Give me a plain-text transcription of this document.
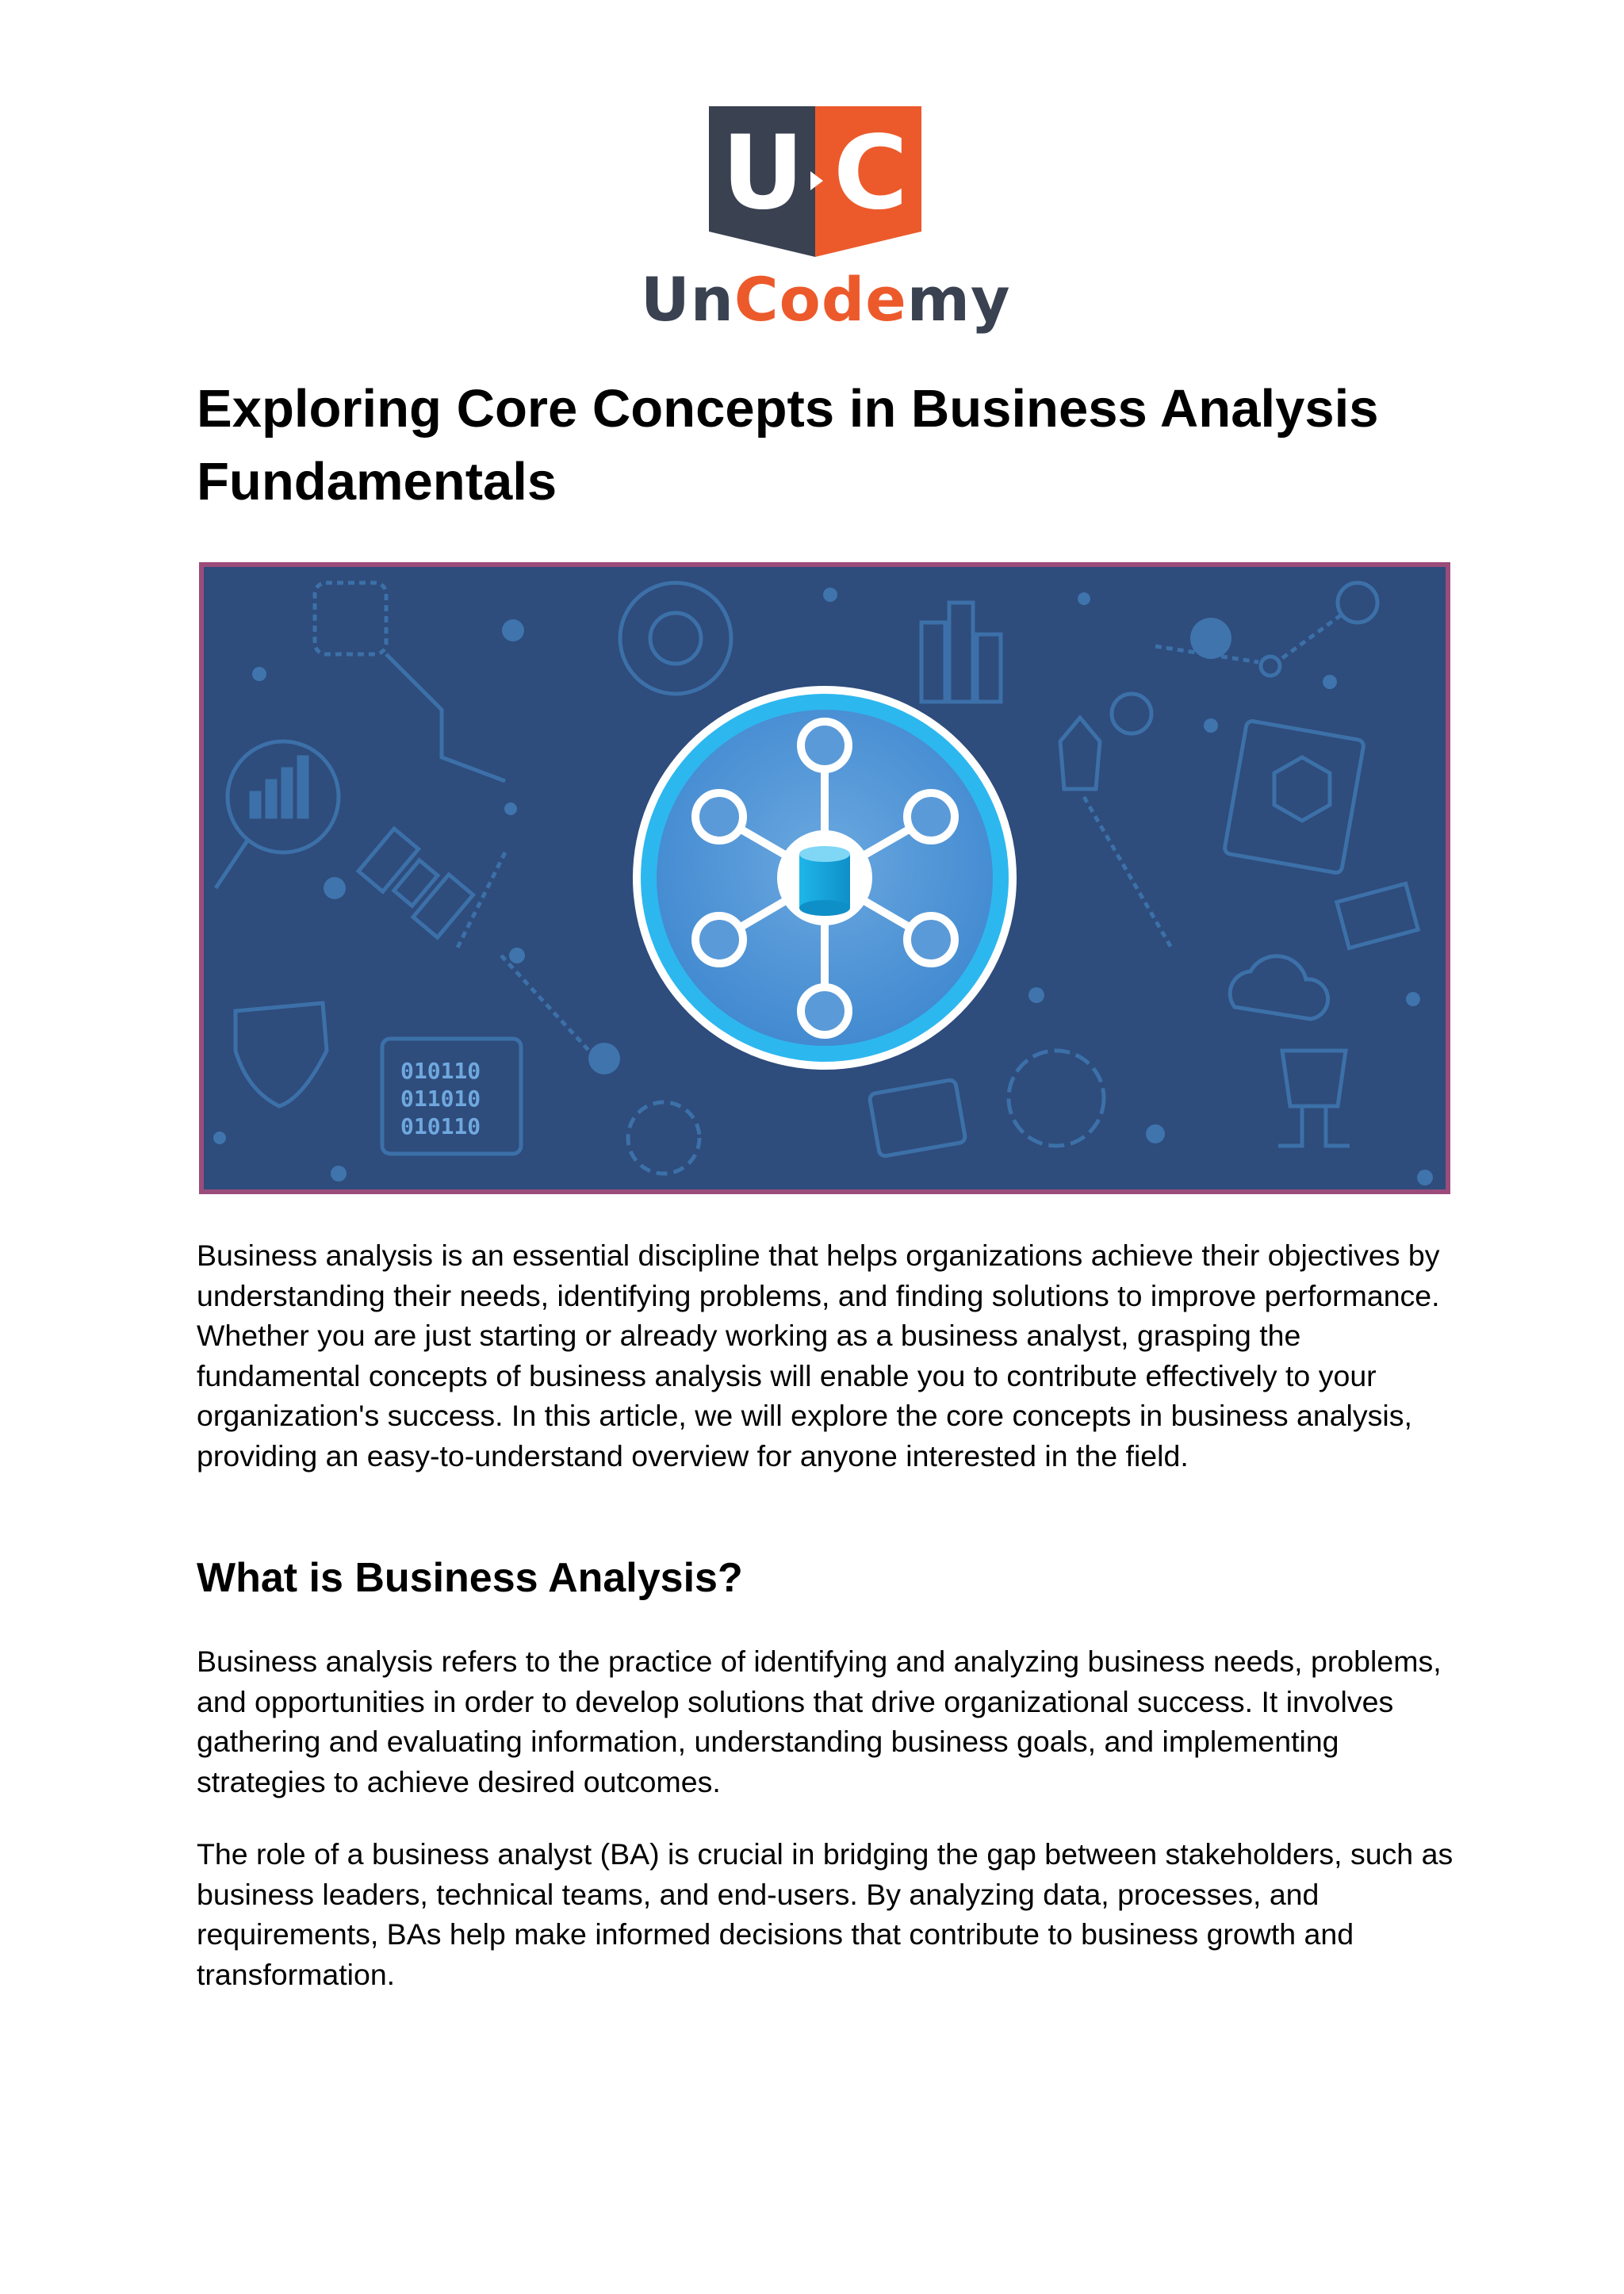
U C
UnCodemy
Exploring Core Concepts in Business Analysis Fundamentals
010110
011010
010110

Business analysis is an essential discipline that helps organizations achieve their objectives by understanding their needs, identifying problems, and finding solutions to improve performance. Whether you are just starting or already working as a business analyst, grasping the fundamental concepts of business analysis will enable you to contribute effectively to your organization's success. In this article, we will explore the core concepts in business analysis, providing an easy-to-understand overview for anyone interested in the field.

What is Business Analysis?

Business analysis refers to the practice of identifying and analyzing business needs, problems, and opportunities in order to develop solutions that drive organizational success. It involves gathering and evaluating information, understanding business goals, and implementing strategies to achieve desired outcomes.

The role of a business analyst (BA) is crucial in bridging the gap between stakeholders, such as business leaders, technical teams, and end-users. By analyzing data, processes, and requirements, BAs help make informed decisions that contribute to business growth and transformation.
